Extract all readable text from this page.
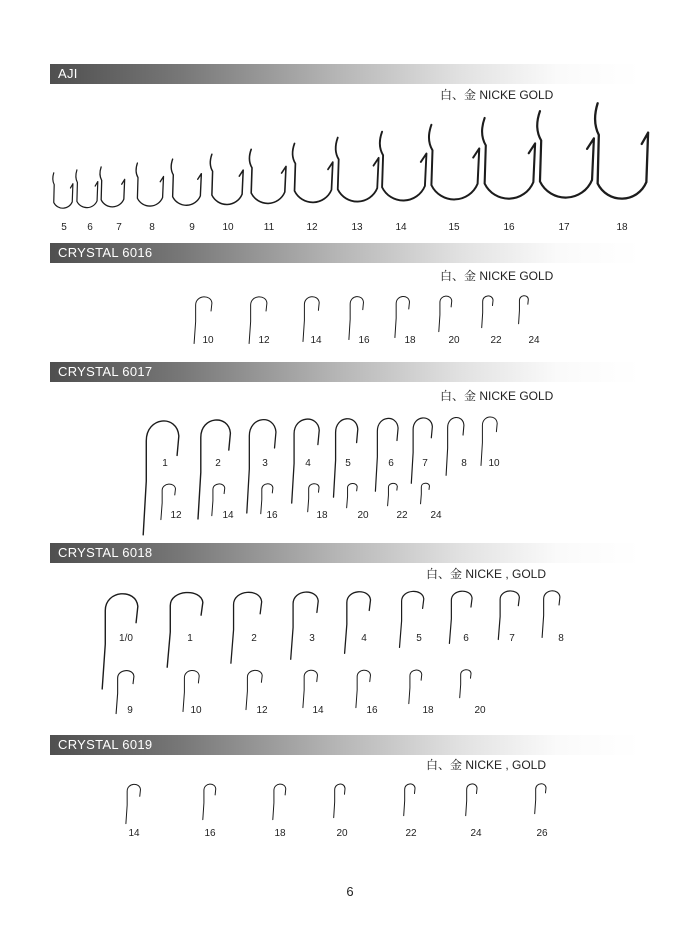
AJI
白、金 NICKE GOLD
5 6 7	8	9	10	11	12	13	14	15	16	17	18
CRYSTAL 6016
白、金 NICKE GOLD
10	12	14	16	18	20	22	24
CRYSTAL 6017
白、金 NICKE GOLD
1	2	3	4	5	6	7	8 10
12	14	16	18	20	22 24
CRYSTAL 6018
白、金 NICKE , GOLD
1/0	1	2	3	4	5	6	7	8
9	10	12	14	16	18	20
CRYSTAL 6019
白、金 NICKE , GOLD
14	16	18	20	22	24	26
6
